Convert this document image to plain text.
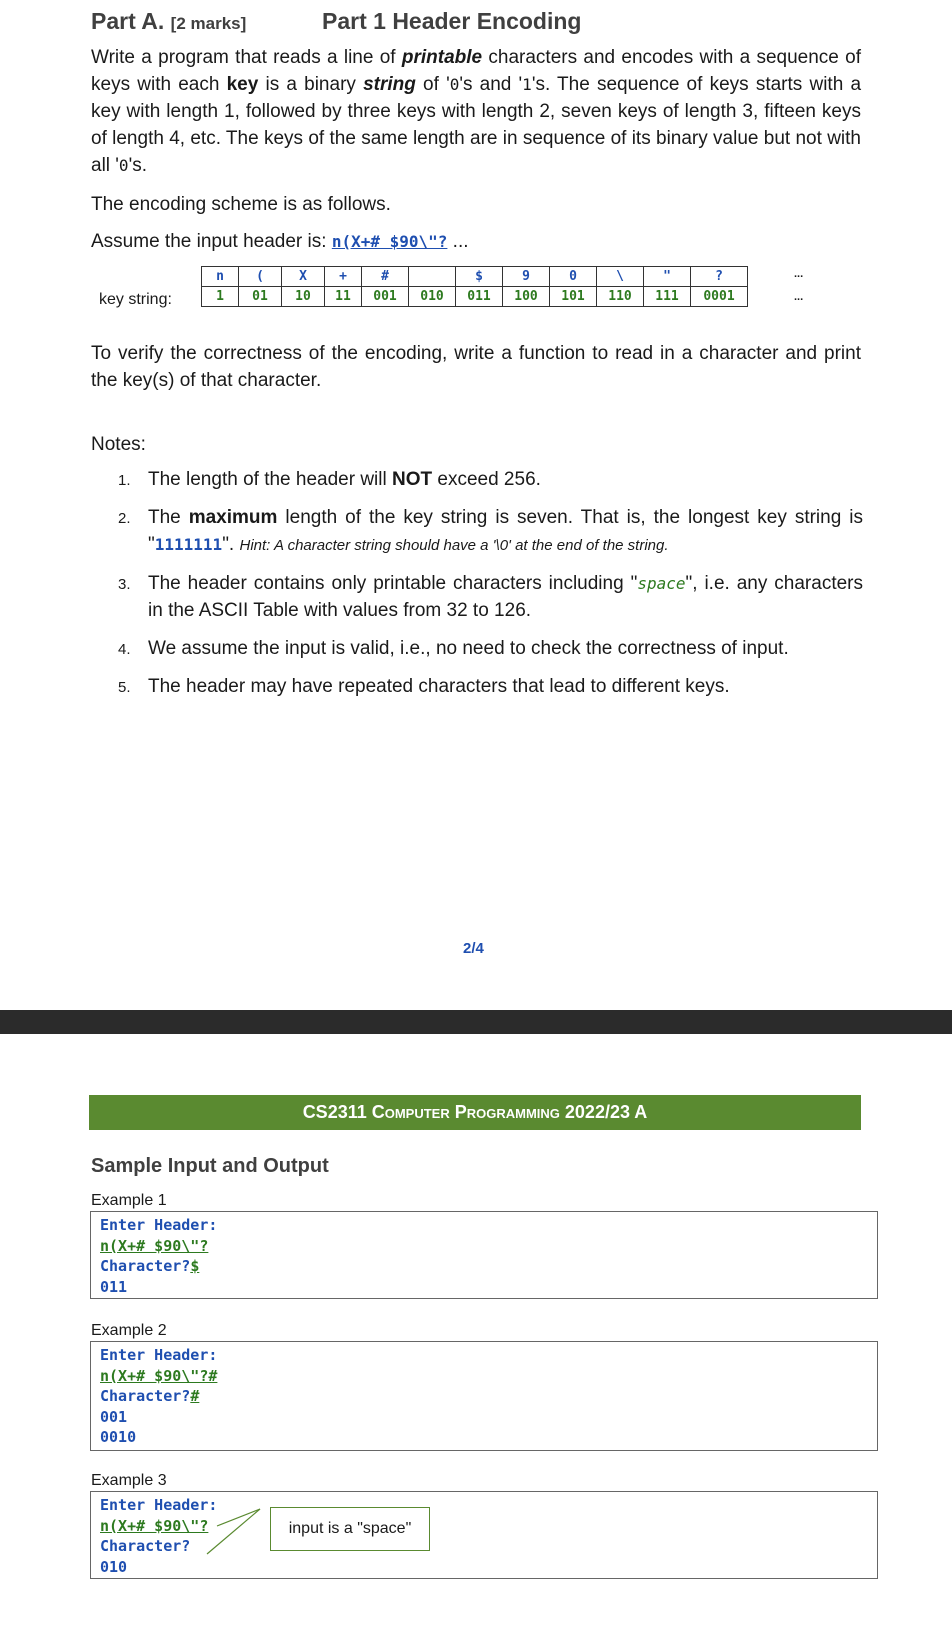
Part A. [2 marks]	Part 1 Header Encoding
Write a program that reads a line of printable characters and encodes with a sequence of keys with each key is a binary string of '0's and '1's. The sequence of keys starts with a key with length 1, followed by three keys with length 2, seven keys of length 3, fifteen keys of length 4, etc. The keys of the same length are in sequence of its binary value but not with all '0's.
The encoding scheme is as follows.
Assume the input header is: n(X+# $90\"? ...
key string:
n	(	X	+	#		$	9	0	\	"	?
1	01	10	11	001	010	011	100	101	110	111	0001
...
...
To verify the correctness of the encoding, write a function to read in a character and print the key(s) of that character.
Notes:
1. The length of the header will NOT exceed 256.
2. The maximum length of the key string is seven. That is, the longest key string is "1111111". Hint: A character string should have a '\0' at the end of the string.
3. The header contains only printable characters including "space", i.e. any characters in the ASCII Table with values from 32 to 126.
4. We assume the input is valid, i.e., no need to check the correctness of input.
5. The header may have repeated characters that lead to different keys.
2/4
CS2311 Computer Programming 2022/23 A
Sample Input and Output
Example 1
Enter Header:
n(X+# $90\"?
Character?$
011
Example 2
Enter Header:
n(X+# $90\"?#
Character?#
001
0010
Example 3
Enter Header:
n(X+# $90\"?
Character?
010
input is a "space"
